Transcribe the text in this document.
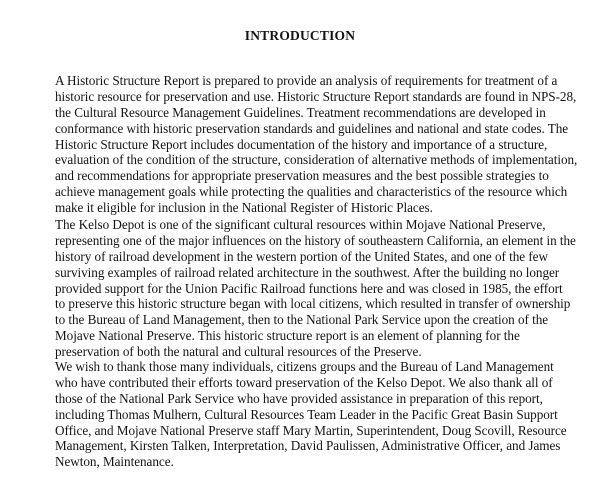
INTRODUCTION
A Historic Structure Report is prepared to provide an analysis of requirements for treatment of a
historic resource for preservation and use. Historic Structure Report standards are found in NPS-28,
the Cultural Resource Management Guidelines. Treatment recommendations are developed in
conformance with historic preservation standards and guidelines and national and state codes. The
Historic Structure Report includes documentation of the history and importance of a structure,
evaluation of the condition of the structure, consideration of alternative methods of implementation,
and recommendations for appropriate preservation measures and the best possible strategies to
achieve management goals while protecting the qualities and characteristics of the resource which
make it eligible for inclusion in the National Register of Historic Places.
The Kelso Depot is one of the significant cultural resources within Mojave National Preserve,
representing one of the major influences on the history of southeastern California, an element in the
history of railroad development in the western portion of the United States, and one of the few
surviving examples of railroad related architecture in the southwest. After the building no longer
provided support for the Union Pacific Railroad functions here and was closed in 1985, the effort
to preserve this historic structure began with local citizens, which resulted in transfer of ownership
to the Bureau of Land Management, then to the National Park Service upon the creation of the
Mojave National Preserve. This historic structure report is an element of planning for the
preservation of both the natural and cultural resources of the Preserve.
We wish to thank those many individuals, citizens groups and the Bureau of Land Management
who have contributed their efforts toward preservation of the Kelso Depot. We also thank all of
those of the National Park Service who have provided assistance in preparation of this report,
including Thomas Mulhern, Cultural Resources Team Leader in the Pacific Great Basin Support
Office, and Mojave National Preserve staff Mary Martin, Superintendent, Doug Scovill, Resource
Management, Kirsten Talken, Interpretation, David Paulissen, Administrative Officer, and James
Newton, Maintenance.
